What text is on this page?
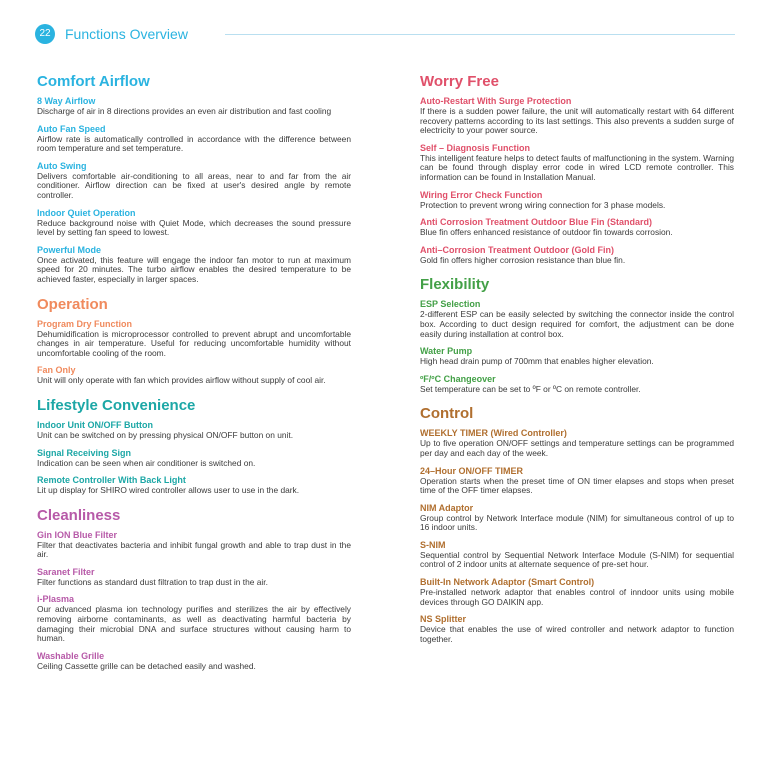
22	Functions Overview
Comfort Airflow
8 Way Airflow
Discharge of air in 8 directions provides an even air distribution and fast cooling
Auto Fan Speed
Airflow rate is automatically controlled in accordance with the difference between room temperature and set temperature.
Auto Swing
Delivers comfortable air-conditioning to all areas, near to and far from the air conditioner. Airflow direction can be fixed at user's desired angle by remote controller.
Indoor Quiet Operation
Reduce background noise with Quiet Mode, which decreases the sound pressure level by setting fan speed to lowest.
Powerful Mode
Once activated, this feature will engage the indoor fan motor to run at maximum speed for 20 minutes. The turbo airflow enables the desired temperature to be achieved faster, especially in larger spaces.
Operation
Program Dry Function
Dehumidification is microprocessor controlled to prevent abrupt and uncomfortable changes in air temperature. Useful for reducing uncomfortable humidity without uncomfortable cooling of the room.
Fan Only
Unit will only operate with fan which provides airflow without supply of cool air.
Lifestyle Convenience
Indoor Unit ON/OFF Button
Unit can be switched on by pressing physical ON/OFF button on unit.
Signal Receiving Sign
Indication can be seen when air conditioner is switched on.
Remote Controller With Back Light
Lit up display for SHIRO wired controller allows user to use in the dark.
Cleanliness
Gin ION Blue Filter
Filter that deactivates bacteria and inhibit fungal growth and able to trap dust in the air.
Saranet Filter
Filter functions as standard dust filtration to trap dust in the air.
i-Plasma
Our advanced plasma ion technology purifies and sterilizes the air by effectively removing airborne contaminants, as well as deactivating harmful bacteria by damaging their microbial DNA and surface structures without causing harm to human.
Washable Grille
Ceiling Cassette grille can be detached easily and washed.
Worry Free
Auto-Restart With Surge Protection
If there is a sudden power failure, the unit will automatically restart with 64 different recovery patterns according to its last settings. This also prevents a sudden surge of electricity to your power source.
Self – Diagnosis Function
This intelligent feature helps to detect faults of malfunctioning in the system. Warning can be found through display error code in wired LCD remote controller. This information can be found in Installation Manual.
Wiring Error Check Function
Protection to prevent wrong wiring connection for 3 phase models.
Anti Corrosion Treatment Outdoor Blue Fin (Standard)
Blue fin offers enhanced resistance of outdoor fin towards corrosion.
Anti–Corrosion Treatment Outdoor (Gold Fin)
Gold fin offers higher corrosion resistance than blue fin.
Flexibility
ESP Selection
2-different ESP can be easily selected by switching the connector inside the control box. According to duct design required for comfort, the adjustment can be done easily during installation at control box.
Water Pump
High head drain pump of 700mm that enables higher elevation.
ºF/ºC Changeover
Set temperature can be set to ºF or ºC on remote controller.
Control
WEEKLY TIMER (Wired Controller)
Up to five operation ON/OFF settings and temperature settings can be programmed per day and each day of the week.
24–Hour ON/OFF TIMER
Operation starts when the preset time of ON timer elapses and stops when preset time of the OFF timer elapses.
NIM Adaptor
Group control by Network Interface module (NIM) for simultaneous control of up to 16 indoor units.
S-NIM
Sequential control by Sequential Network Interface Module (S-NIM) for sequential control of 2 indoor units at alternate sequence of pre-set hour.
Built-In Network Adaptor (Smart Control)
Pre-installed network adaptor that enables control of inndoor units using mobile devices through GO DAIKIN app.
NS Splitter
Device that enables the use of wired controller and network adaptor to function together.
